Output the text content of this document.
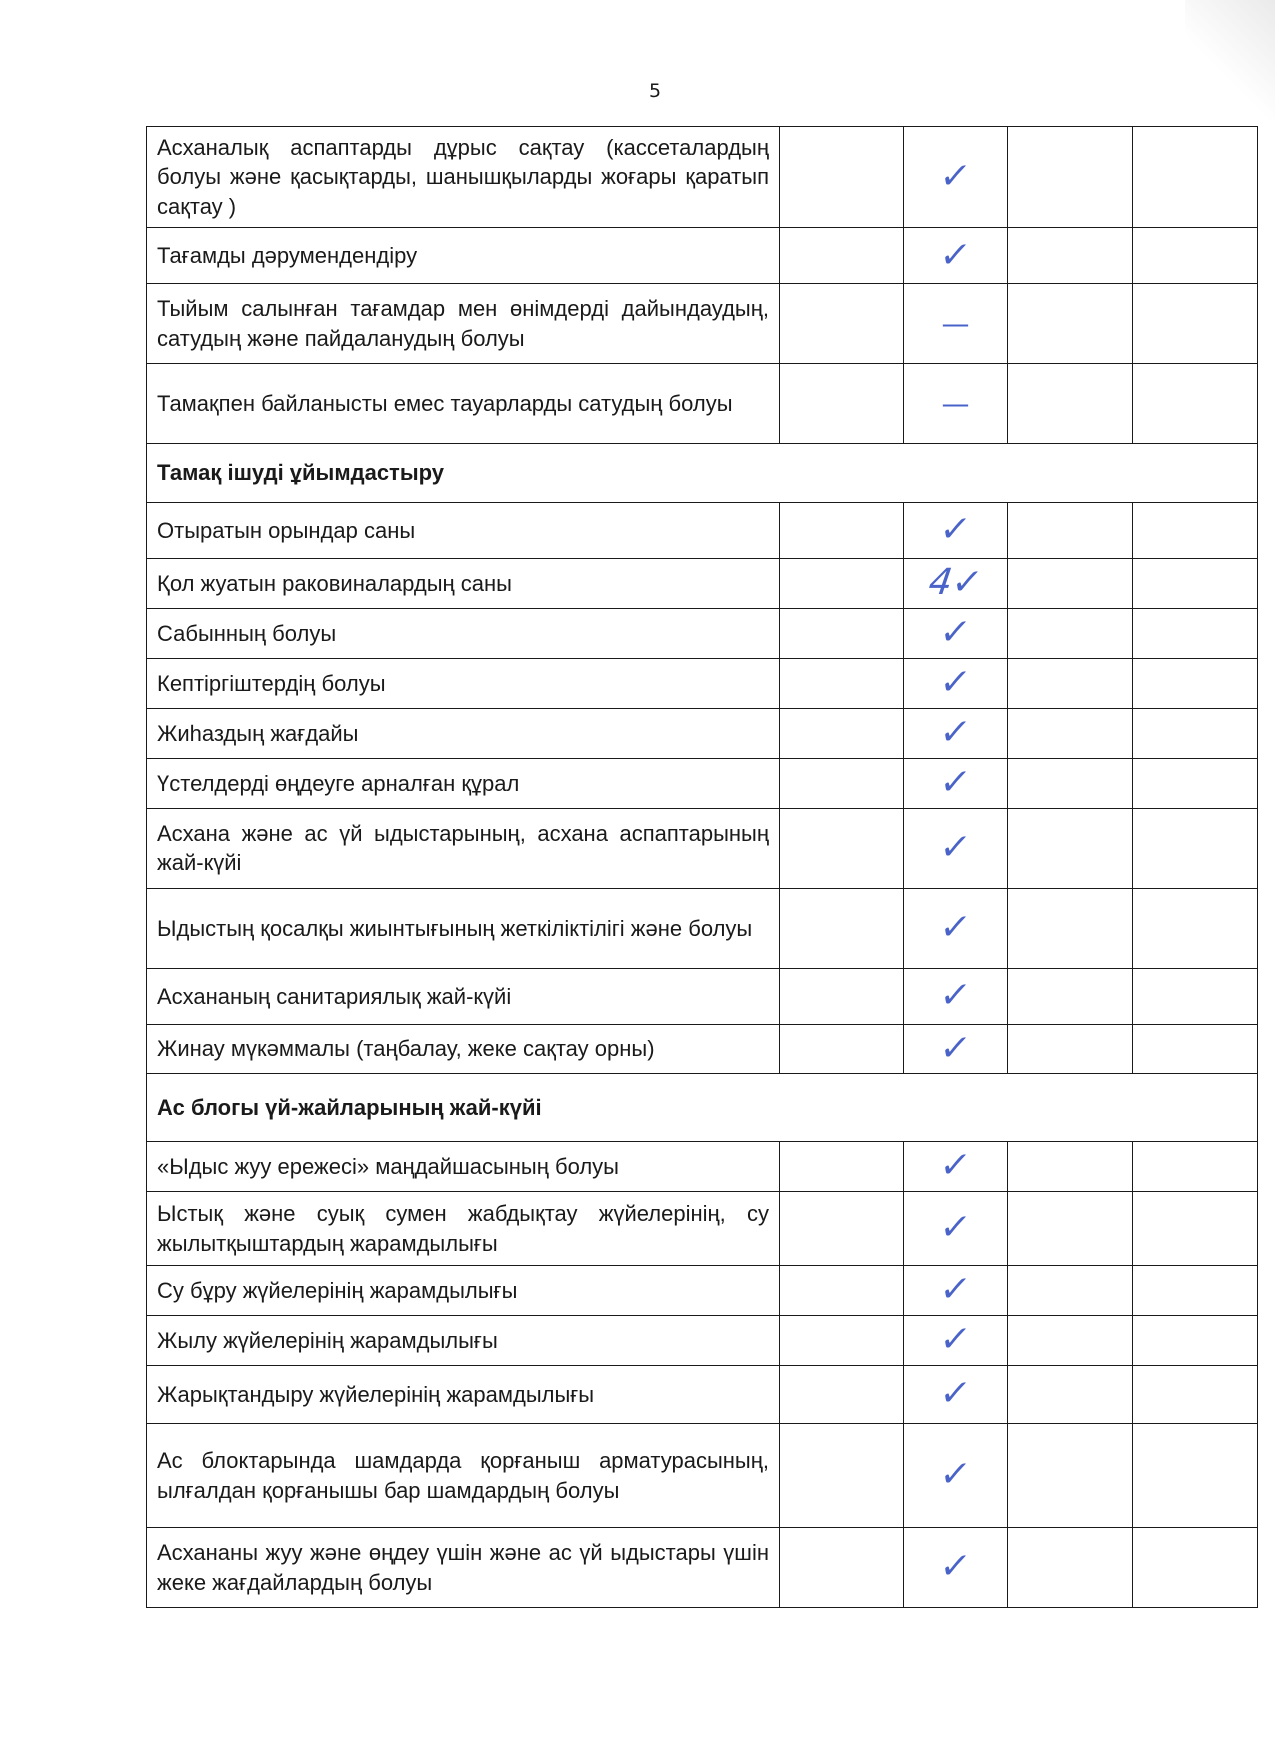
5
Асханалық аспаптарды дұрыс сақтау (кассеталардың болуы және қасықтарды, шанышқыларды жоғары қаратып сақтау )		✓		
Тағамды дәрумендендіру		✓		
Тыйым салынған тағамдар мен өнімдерді дайындаудың, сатудың және пайдаланудың болуы		—		
Тамақпен байланысты емес тауарларды сатудың болуы		—		
Тамақ ішуді ұйымдастыру				
Отыратын орындар саны		✓		
Қол жуатын раковиналардың саны		4✓		
Сабынның болуы		✓		
Кептіргіштердің болуы		✓		
Жиһаздың жағдайы		✓		
Үстелдерді өңдеуге арналған құрал		✓		
Асхана және ас үй ыдыстарының, асхана аспаптарының жай-күйі		✓		
Ыдыстың қосалқы жиынтығының жеткіліктілігі және болуы		✓		
Асхананың санитариялық жай-күйі		✓		
Жинау мүкәммалы (таңбалау, жеке сақтау орны)		✓		
Ас блогы үй-жайларының жай-күйі				
«Ыдыс жуу ережесі» маңдайшасының болуы		✓		
Ыстық және суық сумен жабдықтау жүйелерінің, су жылытқыштардың жарамдылығы		✓		
Су бұру жүйелерінің жарамдылығы		✓		
Жылу жүйелерінің жарамдылығы		✓		
Жарықтандыру жүйелерінің жарамдылығы		✓		
Ас блоктарында шамдарда қорғаныш арматурасының, ылғалдан қорғанышы бар шамдардың болуы		✓		
Асхананы жуу және өңдеу үшін және ас үй ыдыстары үшін жеке жағдайлардың болуы		✓		
